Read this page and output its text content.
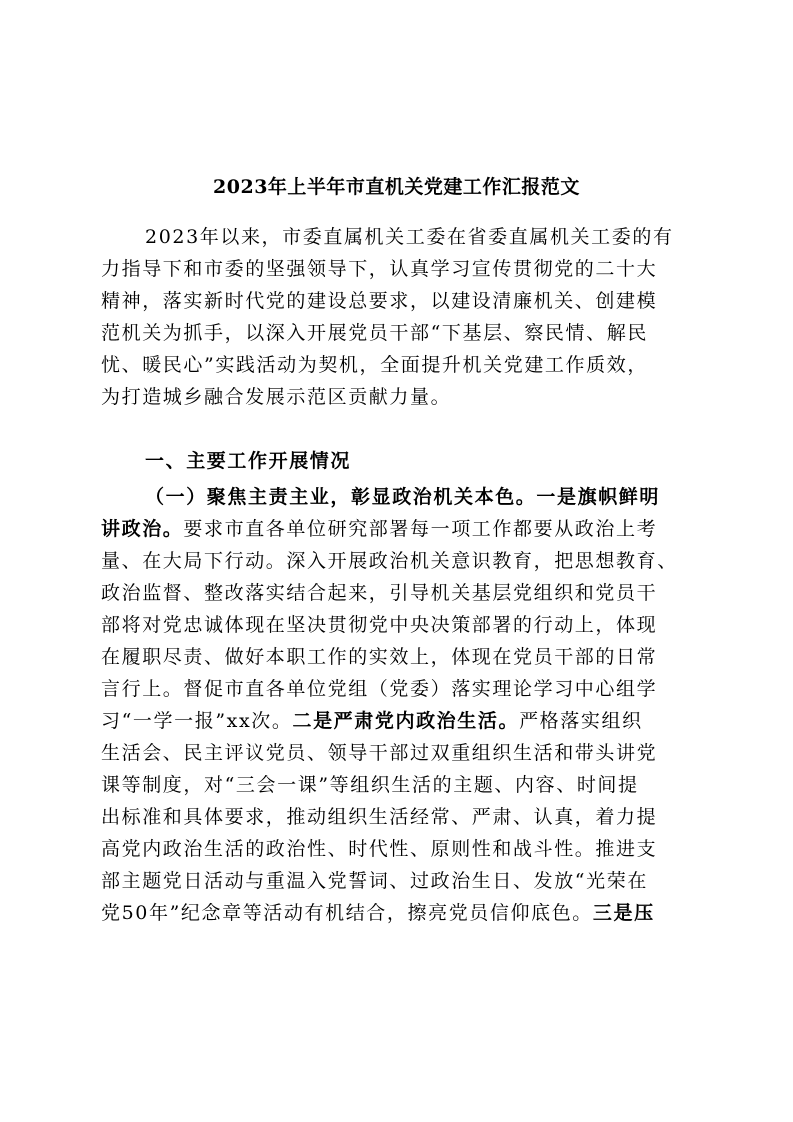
2023年上半年市直机关党建工作汇报范文
2023年以来，市委直属机关工委在省委直属机关工委的有
力指导下和市委的坚强领导下，认真学习宣传贯彻党的二十大
精神，落实新时代党的建设总要求，以建设清廉机关、创建模
范机关为抓手，以深入开展党员干部“下基层、察民情、解民
忧、暖民心”实践活动为契机，全面提升机关党建工作质效，
为打造城乡融合发展示范区贡献力量。
一、主要工作开展情况
（一）聚焦主责主业，彰显政治机关本色。一是旗帜鲜明
讲政治。要求市直各单位研究部署每一项工作都要从政治上考
量、在大局下行动。深入开展政治机关意识教育，把思想教育、
政治监督、整改落实结合起来，引导机关基层党组织和党员干
部将对党忠诚体现在坚决贯彻党中央决策部署的行动上，体现
在履职尽责、做好本职工作的实效上，体现在党员干部的日常
言行上。督促市直各单位党组（党委）落实理论学习中心组学
习“一学一报”xx次。二是严肃党内政治生活。严格落实组织
生活会、民主评议党员、领导干部过双重组织生活和带头讲党
课等制度，对“三会一课”等组织生活的主题、内容、时间提
出标准和具体要求，推动组织生活经常、严肃、认真，着力提
高党内政治生活的政治性、时代性、原则性和战斗性。推进支
部主题党日活动与重温入党誓词、过政治生日、发放“光荣在
党50年”纪念章等活动有机结合，擦亮党员信仰底色。三是压
